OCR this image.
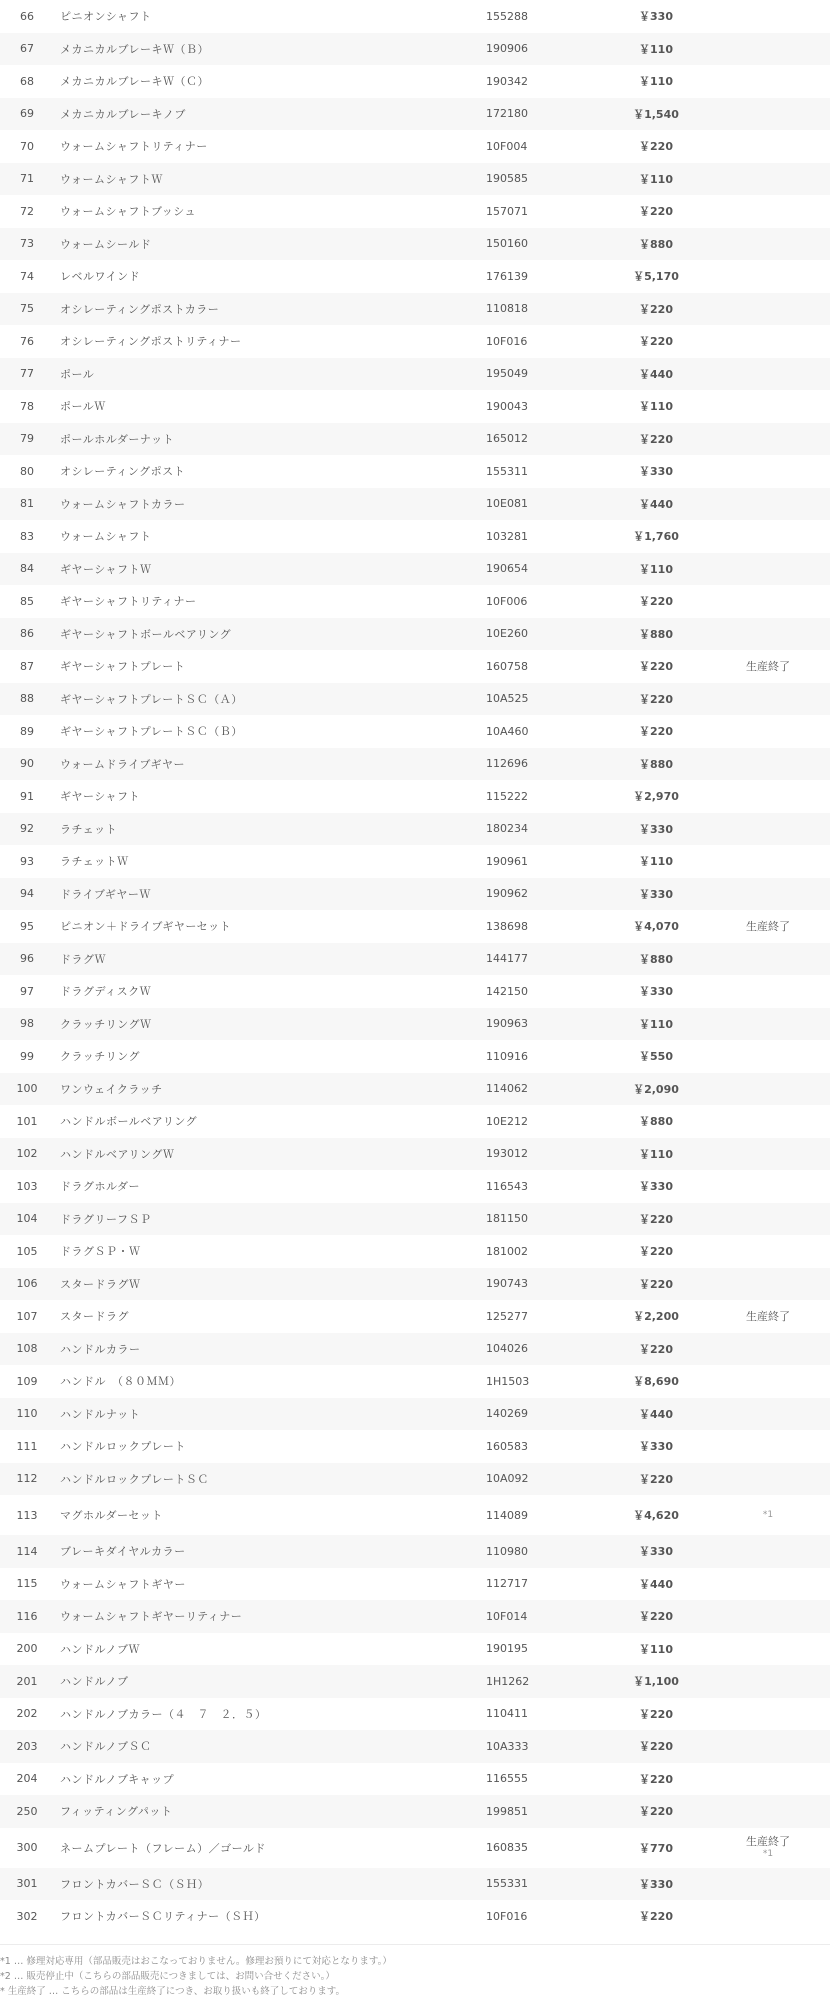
66	ピニオンシャフト	155288	￥330	
67	メカニカルブレーキＷ（Ｂ）	190906	￥110	
68	メカニカルブレーキＷ（Ｃ）	190342	￥110	
69	メカニカルブレーキノブ	172180	￥1,540	
70	ウォームシャフトリティナー	10F004	￥220	
71	ウォームシャフトＷ	190585	￥110	
72	ウォームシャフトブッシュ	157071	￥220	
73	ウォームシールド	150160	￥880	
74	レベルワインド	176139	￥5,170	
75	オシレーティングポストカラー	110818	￥220	
76	オシレーティングポストリティナー	10F016	￥220	
77	ポール	195049	￥440	
78	ポールＷ	190043	￥110	
79	ポールホルダーナット	165012	￥220	
80	オシレーティングポスト	155311	￥330	
81	ウォームシャフトカラー	10E081	￥440	
83	ウォームシャフト	103281	￥1,760	
84	ギヤーシャフトＷ	190654	￥110	
85	ギヤーシャフトリティナー	10F006	￥220	
86	ギヤーシャフトボールベアリング	10E260	￥880	
87	ギヤーシャフトプレート	160758	￥220	生産終了
88	ギヤーシャフトプレートＳＣ（Ａ）	10A525	￥220	
89	ギヤーシャフトプレートＳＣ（Ｂ）	10A460	￥220	
90	ウォームドライブギヤー	112696	￥880	
91	ギヤーシャフト	115222	￥2,970	
92	ラチェット	180234	￥330	
93	ラチェットＷ	190961	￥110	
94	ドライブギヤーＷ	190962	￥330	
95	ピニオン＋ドライブギヤーセット	138698	￥4,070	生産終了
96	ドラグＷ	144177	￥880	
97	ドラグディスクＷ	142150	￥330	
98	クラッチリングＷ	190963	￥110	
99	クラッチリング	110916	￥550	
100	ワンウェイクラッチ	114062	￥2,090	
101	ハンドルボールベアリング	10E212	￥880	
102	ハンドルベアリングＷ	193012	￥110	
103	ドラグホルダー	116543	￥330	
104	ドラグリーフＳＰ	181150	￥220	
105	ドラグＳＰ・Ｗ	181002	￥220	
106	スタードラグＷ	190743	￥220	
107	スタードラグ	125277	￥2,200	生産終了
108	ハンドルカラー	104026	￥220	
109	ハンドル　（８０ＭＭ）	1H1503	￥8,690	
110	ハンドルナット	140269	￥440	
111	ハンドルロックプレート	160583	￥330	
112	ハンドルロックプレートＳＣ	10A092	￥220	
113	マグホルダーセット	114089	￥4,620	*1

114	ブレーキダイヤルカラー	110980	￥330	
115	ウォームシャフトギヤー	112717	￥440	
116	ウォームシャフトギヤーリティナー	10F014	￥220	
200	ハンドルノブＷ	190195	￥110	
201	ハンドルノブ	1H1262	￥1,100	
202	ハンドルノブカラー（４　７　２．５）	110411	￥220	
203	ハンドルノブＳＣ	10A333	￥220	
204	ハンドルノブキャップ	116555	￥220	
250	フィッティングパット	199851	￥220	
300	ネームプレート（フレーム）／ゴールド	160835	￥770	生産終了
*1

301	フロントカバーＳＣ（ＳＨ）	155331	￥330	
302	フロントカバーＳＣリティナー（ＳＨ）	10F016	￥220	
*1 … 修理対応専用（部品販売はおこなっておりません。修理お預りにて対応となります。）
*2 … 販売停止中（こちらの部品販売につきましては、お問い合せください。）
* 生産終了 … こちらの部品は生産終了につき、お取り扱いも終了しております。
